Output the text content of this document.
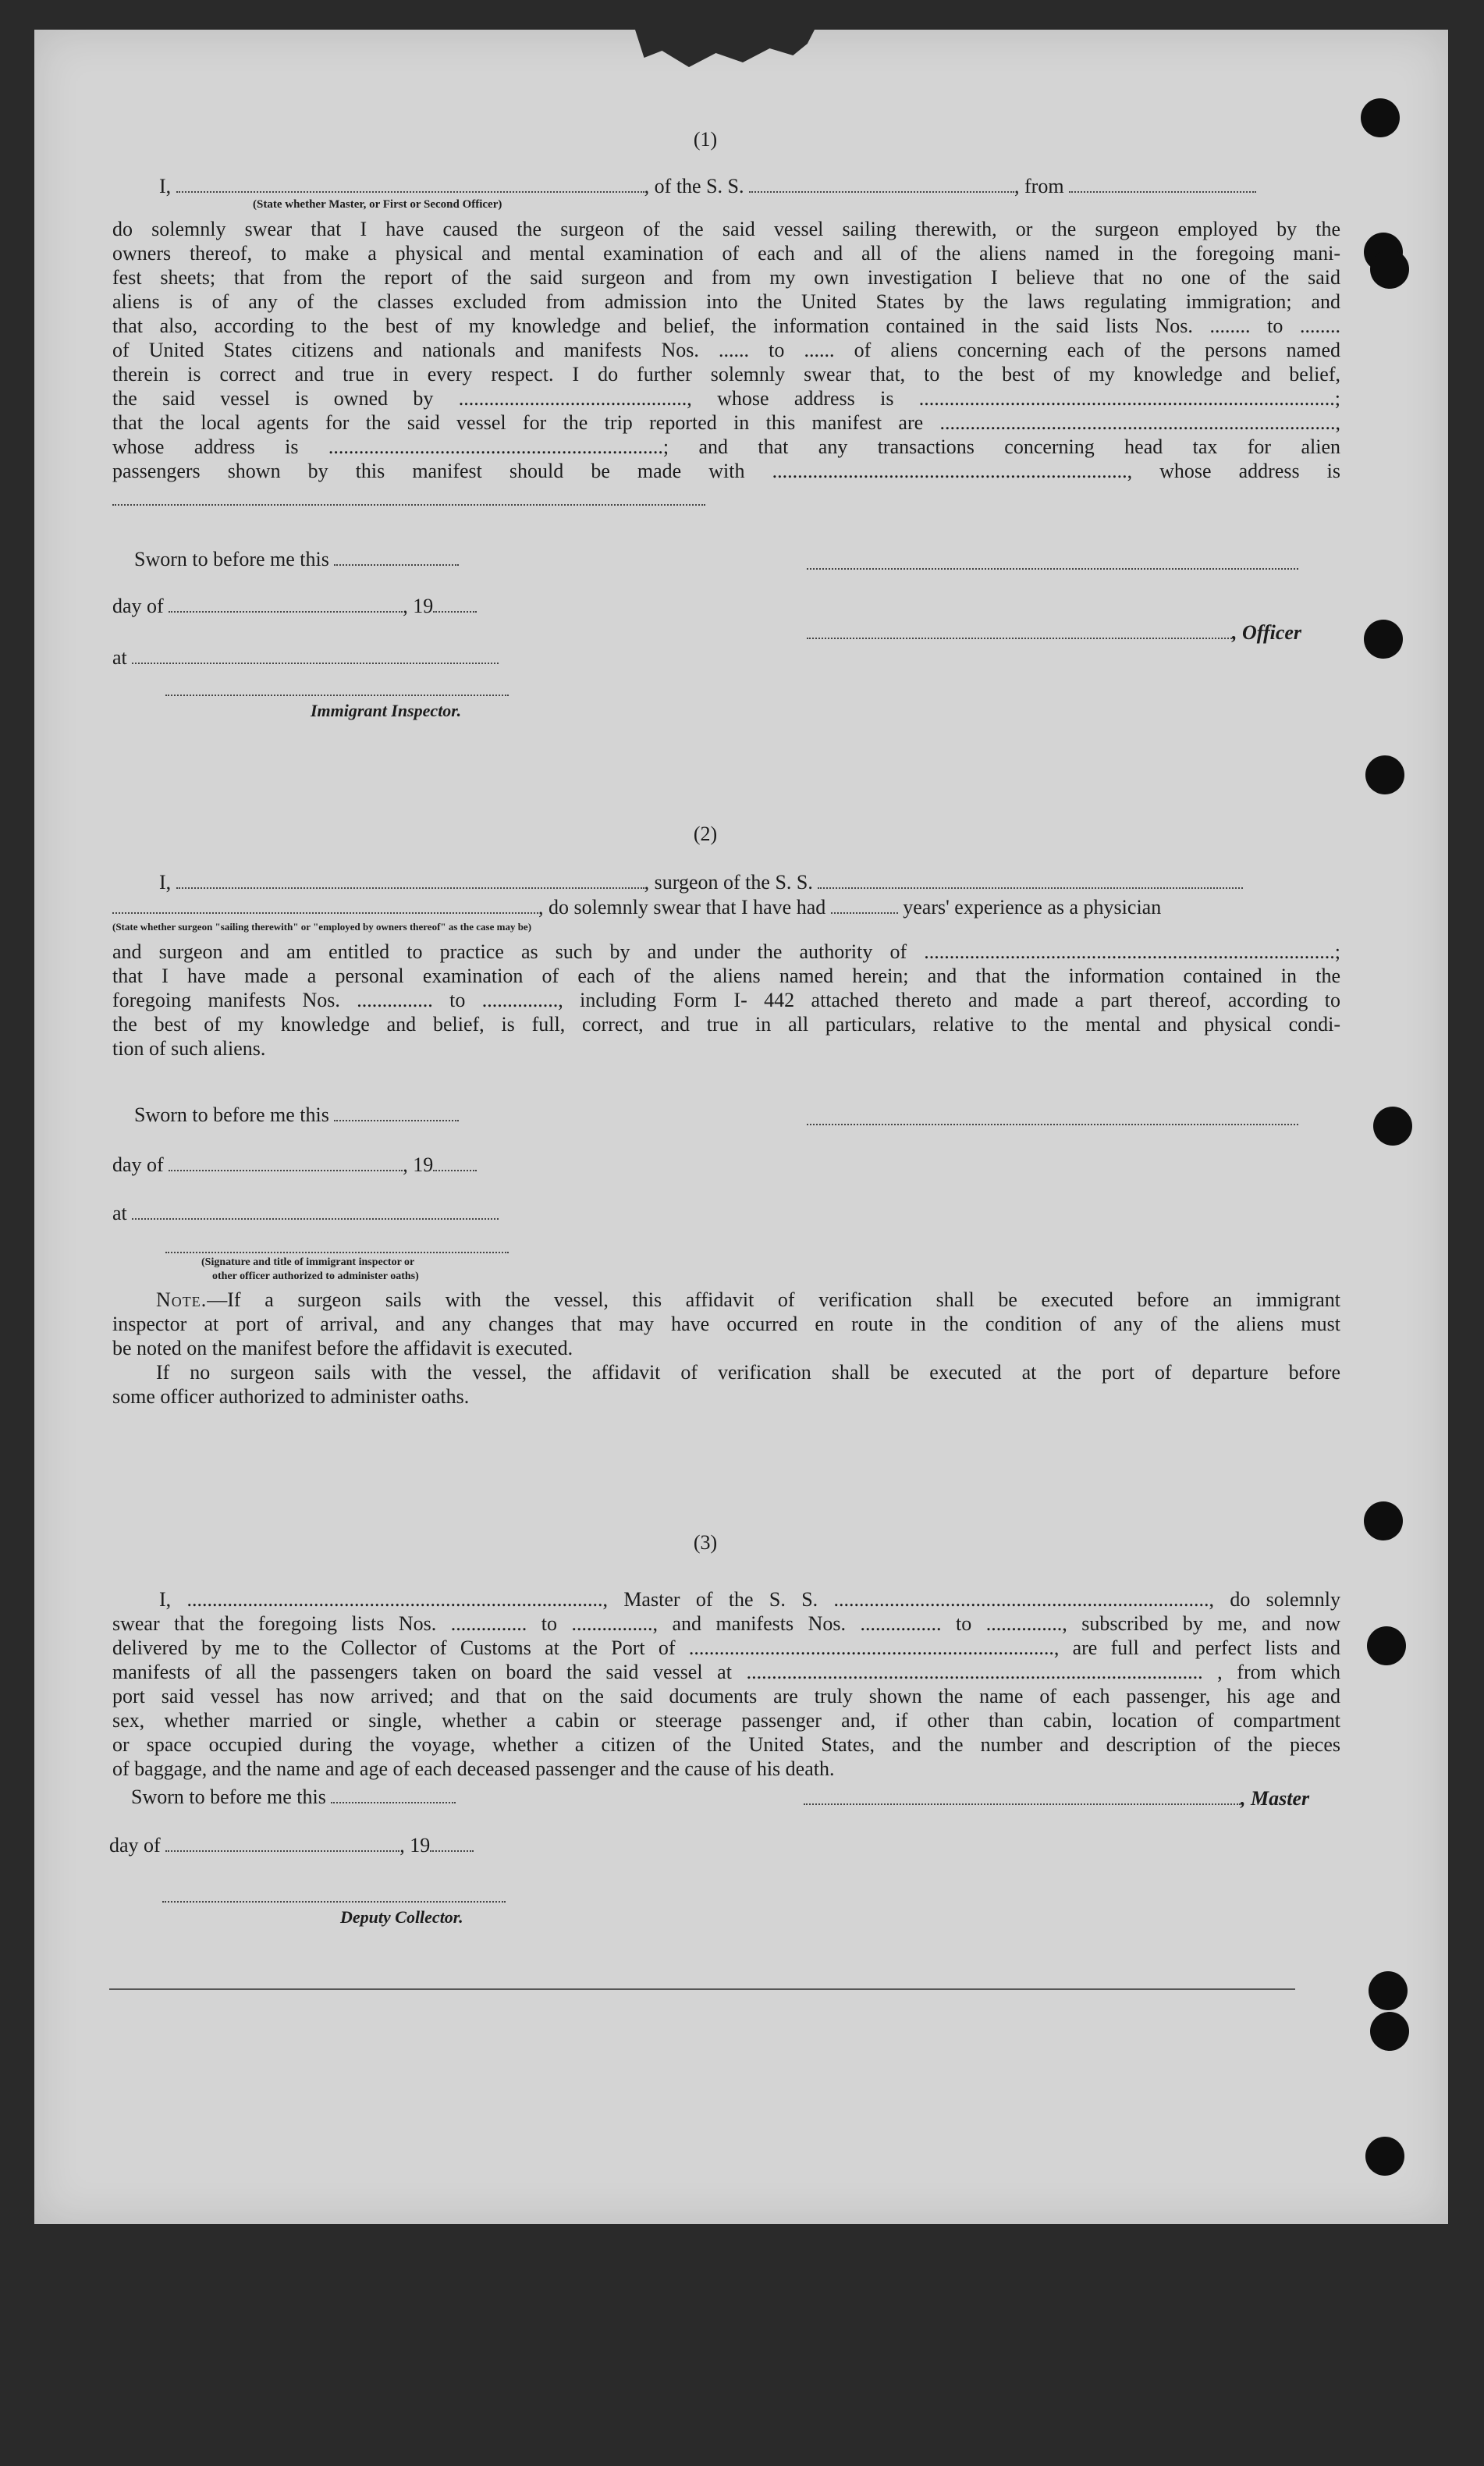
(1)
I,	, of the S. S.	, from
(State whether Master, or First or Second Officer)
do solemnly swear that I have caused the surgeon of the said vessel sailing therewith, or the surgeon employed by the
owners thereof, to make a physical and mental examination of each and all of the aliens named in the foregoing mani-
fest sheets; that from the report of the said surgeon and from my own investigation I believe that no one of the said
aliens is of any of the classes excluded from admission into the United States by the laws regulating immigration; and
that also, according to the best of my knowledge and belief, the information contained in the said lists Nos. ........ to ........
of United States citizens and nationals and manifests Nos. ...... to ...... of aliens concerning each of the persons named
therein is correct and true in every respect. I do further solemnly swear that, to the best of my knowledge and belief,
the said vessel is owned by ............................................., whose address is ..................................................................................;
that the local agents for the said vessel for the trip reported in this manifest are ..............................................................................,
whose address is ..................................................................; and that any transactions concerning head tax for alien
passengers shown by this manifest should be made with ......................................................................, whose address is
Sworn to before me this
day of	, 19
, Officer
at
Immigrant Inspector.
(2)
I,	, surgeon of the S. S.
, do solemnly swear that I have had	years' experience as a physician
(State whether surgeon "sailing therewith" or "employed by owners thereof" as the case may be)
and surgeon and am entitled to practice as such by and under the authority of .................................................................................;
that I have made a personal examination of each of the aliens named herein; and that the information contained in the
foregoing manifests Nos. ............... to ..............., including Form I- 442 attached thereto and made a part thereof, according to
the best of my knowledge and belief, is full, correct, and true in all particulars, relative to the mental and physical condi-
tion of such aliens.
Sworn to before me this
day of	, 19
at
(Signature and title of immigrant inspector or
other officer authorized to administer oaths)
Note.—If a surgeon sails with the vessel, this affidavit of verification shall be executed before an immigrant
inspector at port of arrival, and any changes that may have occurred en route in the condition of any of the aliens must
be noted on the manifest before the affidavit is executed.
If no surgeon sails with the vessel, the affidavit of verification shall be executed at the port of departure before
some officer authorized to administer oaths.
(3)
I, .................................................................................., Master of the S. S. .........................................................................., do solemnly
swear that the foregoing lists Nos. ............... to ................, and manifests Nos. ................ to ..............., subscribed by me, and now
delivered by me to the Collector of Customs at the Port of ........................................................................, are full and perfect lists and
manifests of all the passengers taken on board the said vessel at .......................................................................................... , from which
port said vessel has now arrived; and that on the said documents are truly shown the name of each passenger, his age and
sex, whether married or single, whether a cabin or steerage passenger and, if other than cabin, location of compartment
or space occupied during the voyage, whether a citizen of the United States, and the number and description of the pieces
of baggage, and the name and age of each deceased passenger and the cause of his death.
Sworn to before me this	, Master
day of	, 19
Deputy Collector.
